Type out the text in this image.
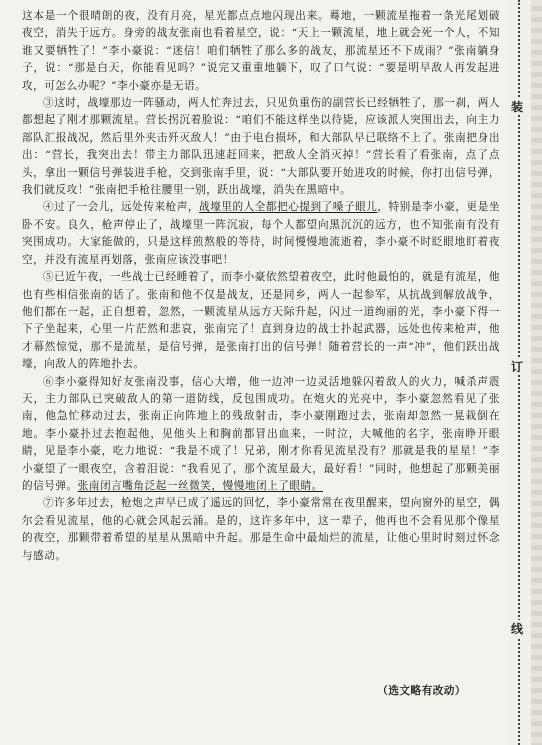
这本是一个很晴朗的夜，没有月亮，星光都点点地闪现出来。蓦地，一颗流星拖着一条光尾划破夜空，消失于远方。身旁的战友张南也看着星空，说：“天上一颗流星，地上就会死一个人，不知谁又要牺牲了！”李小豪说：“迷信！咱们牺牲了那么多的战友，那流星还不下成雨？”张南躺身子，说：“那是白天，你能看见吗？”说完又重重地躺下，叹了口气说：“要是明早敌人再发起进攻，可怎么办呢？”李小豪亦是无语。

③这时，战壕那边一阵骚动，两人忙奔过去，只见负重伤的副营长已经牺牲了，那一刹，两人都想起了刚才那颗流星。营长拐沉着脸说：“咱们不能这样坐以待毙，应该派人突围出去，向主力部队汇报战况，然后里外夹击歼灭敌人！”由于电台损坏，和大部队早已联络不上了。张南把身出出：“营长，我突出去！带主力部队迅速赶回来，把敌人全消灭掉！”营长看了看张南，点了点头，拿出一颗信号弹装进手枪，交到张南手里，说：“大部队要开始进攻的时候，你打出信号弹，我们就反攻！”张南把手枪往腰里一别，跃出战壕，消失在黑暗中。

④过了一会儿，远处传来枪声，战壕里的人全都把心提到了嗓子眼儿，特别是李小豪，更是坐卧不安。良久，枪声停止了，战壕里一阵沉寂，每个人都望向黑沉沉的远方，也不知张南有没有突围成功。大家能做的，只是这样煎熬般的等待，时间慢慢地流逝着，李小豪不时眨眼地盯着夜空，并没有流星再划落，张南应该没事吧！

⑤已近午夜，一些战士已经睡着了，而李小豪依然望着夜空，此时他最怕的，就是有流星，他也有些相信张南的话了。张南和他不仅是战友，还是同乡，两人一起参军，从抗战到解放战争，他们都在一起，正自想着，忽然，一颗流星从远方天际升起，闪过一道绚丽的光，李小豪下得一下子坐起来，心里一片茫然和悲哀，张南完了！直到身边的战士扑起武器，远处也传来枪声，他才幕然惊觉，那不是流星，是信号弹，是张南打出的信号弹！随着营长的一声“冲”，他们跃出战壕，向敌人的阵地扑去。

⑥李小豪得知好友张南没事，信心大增，他一边冲一边灵活地躲闪着敌人的火力，喊杀声震天，主力部队已突破敌人的第一道防线，反包围成功。在炮火的光亮中，李小豪忽然看见了张南，他急忙移动过去，张南正向阵地上的残敌射击，李小豪刚跑过去，张南却忽然一晃栽倒在地。李小豪扑过去抱起他，见他头上和胸前都冒出血来，一时泣，大喊他的名字，张南睁开眼睛，见是李小豪，吃力地说：“我是不成了！兄弟，刚才你看见流星没有？那就是我的星星！”李小豪望了一眼夜空，含着泪说：“我看见了，那个流星最大，最好看！”同时，他想起了那颗美丽的信号弹。张南闭言嘴角泛起一丝微笑，慢慢地闭上了眼睛。

⑦许多年过去，枪炮之声早已成了遥远的回忆，李小豪常常在夜里醒来，望向窗外的星空，偶尔会看见流星，他的心就会风起云涌。是的，这许多年中，这一辈子，他再也不会看见那个像星的夜空，那颗带着希望的星星从黑暗中升起。那是生命中最灿烂的流星，让他心里时时刻过怀念与感动。

（选文略有改动）
装
订
线
